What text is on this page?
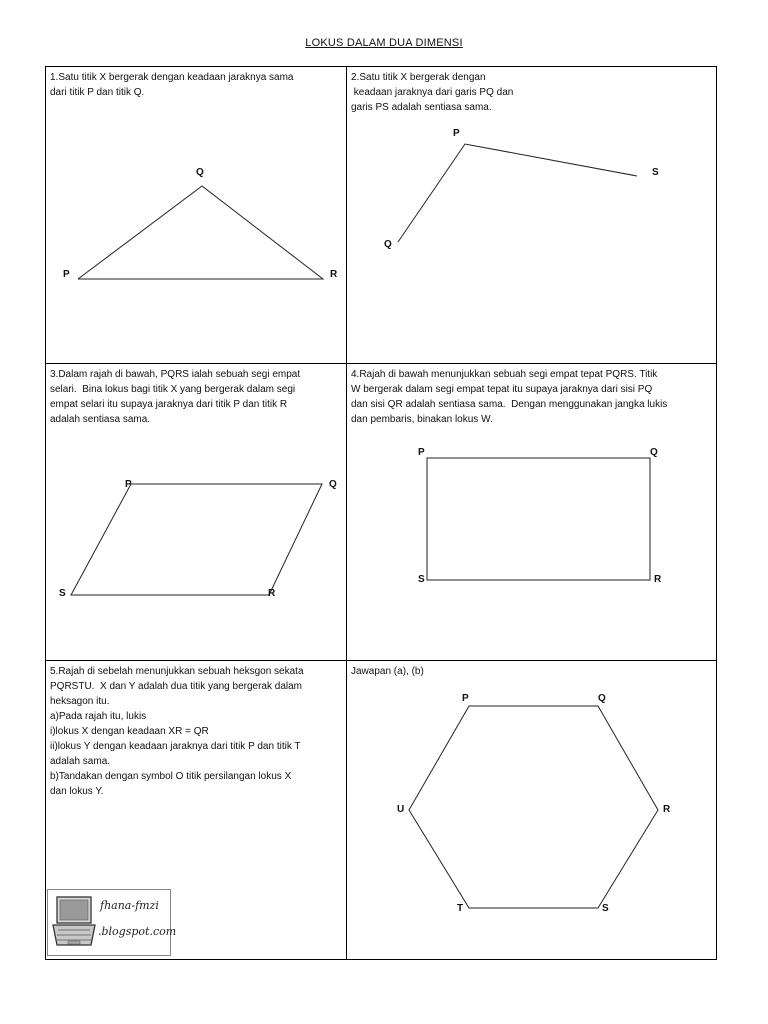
LOKUS DALAM DUA DIMENSI
1.Satu titik X bergerak dengan keadaan jaraknya sama
dari titik P dan titik Q.
P
Q
R
2.Satu titik X bergerak dengan
keadaan jaraknya dari garis PQ dan
garis PS adalah sentiasa sama.
P
Q
S
3.Dalam rajah di bawah, PQRS ialah sebuah segi empat
selari.  Bina lokus bagi titik X yang bergerak dalam segi
empat selari itu supaya jaraknya dari titik P dan titik R
adalah sentiasa sama.
P	Q
R
S
4.Rajah di bawah menunjukkan sebuah segi empat tepat PQRS. Titik
W bergerak dalam segi empat tepat itu supaya jaraknya dari sisi PQ
dan sisi QR adalah sentiasa sama.  Dengan menggunakan jangka lukis
dan pembaris, binakan lokus W.
P	Q
R
S
5.Rajah di sebelah menunjukkan sebuah heksgon sekata
PQRSTU.  X dan Y adalah dua titik yang bergerak dalam
heksagon itu.
a)Pada rajah itu, lukis
i)lokus X dengan keadaan XR = QR
ii)lokus Y dengan keadaan jaraknya dari titik P dan titik T
adalah sama.
b)Tandakan dengan symbol O titik persilangan lokus X
dan lokus Y.
fhana-fmzi
.blogspot.com
Jawapan (a), (b)
P	Q
R
S
T
U
